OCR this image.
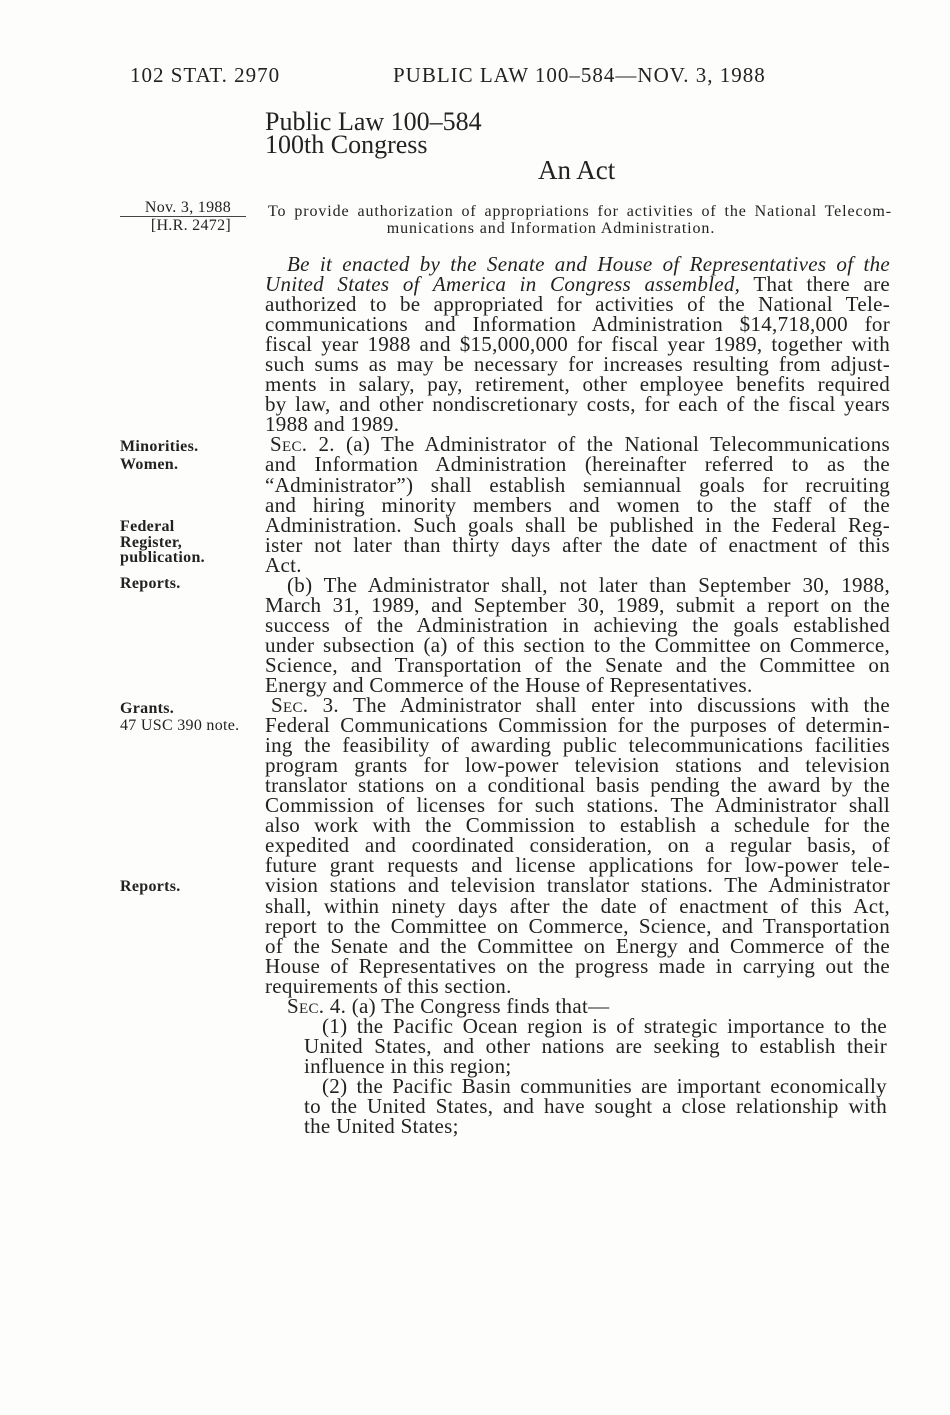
102 STAT. 2970	PUBLIC LAW 100–584—NOV. 3, 1988
Public Law 100–584
100th Congress
An Act
Nov. 3, 1988
[H.R. 2472]
To provide authorization of appropriations for activities of the National Telecom-
munications and Information Administration.
Minorities.
Women.
Federal
Register,
publication.
Reports.
Grants.
47 USC 390 note.
Reports.
Be it enacted by the Senate and House of Representatives of the
United States of America in Congress assembled, That there are
authorized to be appropriated for activities of the National Tele-
communications and Information Administration $14,718,000 for
fiscal year 1988 and $15,000,000 for fiscal year 1989, together with
such sums as may be necessary for increases resulting from adjust-
ments in salary, pay, retirement, other employee benefits required
by law, and other nondiscretionary costs, for each of the fiscal years
1988 and 1989.
Sec. 2. (a) The Administrator of the National Telecommunications
and Information Administration (hereinafter referred to as the
“Administrator”) shall establish semiannual goals for recruiting
and hiring minority members and women to the staff of the
Administration. Such goals shall be published in the Federal Reg-
ister not later than thirty days after the date of enactment of this
Act.
(b) The Administrator shall, not later than September 30, 1988,
March 31, 1989, and September 30, 1989, submit a report on the
success of the Administration in achieving the goals established
under subsection (a) of this section to the Committee on Commerce,
Science, and Transportation of the Senate and the Committee on
Energy and Commerce of the House of Representatives.
Sec. 3. The Administrator shall enter into discussions with the
Federal Communications Commission for the purposes of determin-
ing the feasibility of awarding public telecommunications facilities
program grants for low-power television stations and television
translator stations on a conditional basis pending the award by the
Commission of licenses for such stations. The Administrator shall
also work with the Commission to establish a schedule for the
expedited and coordinated consideration, on a regular basis, of
future grant requests and license applications for low-power tele-
vision stations and television translator stations. The Administrator
shall, within ninety days after the date of enactment of this Act,
report to the Committee on Commerce, Science, and Transportation
of the Senate and the Committee on Energy and Commerce of the
House of Representatives on the progress made in carrying out the
requirements of this section.
Sec. 4. (a) The Congress finds that—
(1) the Pacific Ocean region is of strategic importance to the
United States, and other nations are seeking to establish their
influence in this region;
(2) the Pacific Basin communities are important economically
to the United States, and have sought a close relationship with
the United States;
